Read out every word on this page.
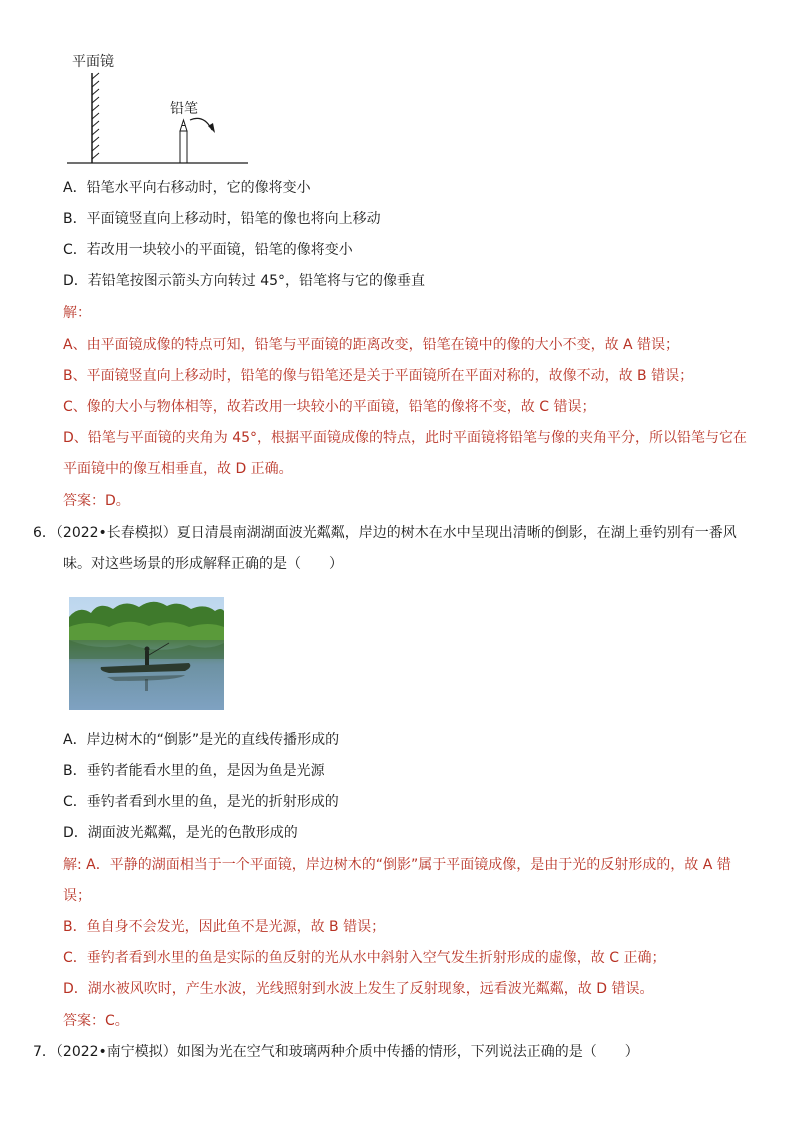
平面镜
铅笔
A．铅笔水平向右移动时，它的像将变小
B．平面镜竖直向上移动时，铅笔的像也将向上移动
C．若改用一块较小的平面镜，铅笔的像将变小
D．若铅笔按图示箭头方向转过 45°，铅笔将与它的像垂直
解：
A、由平面镜成像的特点可知，铅笔与平面镜的距离改变，铅笔在镜中的像的大小不变，故 A 错误；
B、平面镜竖直向上移动时，铅笔的像与铅笔还是关于平面镜所在平面对称的，故像不动，故 B 错误；
C、像的大小与物体相等，故若改用一块较小的平面镜，铅笔的像将不变，故 C 错误；
D、铅笔与平面镜的夹角为 45°，根据平面镜成像的特点，此时平面镜将铅笔与像的夹角平分，所以铅笔与它在
平面镜中的像互相垂直，故 D 正确。
答案：D。
6．（2022•长春模拟）夏日清晨南湖湖面波光粼粼，岸边的树木在水中呈现出清晰的倒影，在湖上垂钓别有一番风
味。对这些场景的形成解释正确的是（　　）
A．岸边树木的“倒影”是光的直线传播形成的
B．垂钓者能看水里的鱼，是因为鱼是光源
C．垂钓者看到水里的鱼，是光的折射形成的
D．湖面波光粼粼，是光的色散形成的
解: A．平静的湖面相当于一个平面镜，岸边树木的“倒影”属于平面镜成像，是由于光的反射形成的，故 A 错
误；
B．鱼自身不会发光，因此鱼不是光源，故 B 错误；
C．垂钓者看到水里的鱼是实际的鱼反射的光从水中斜射入空气发生折射形成的虚像，故 C 正确；
D．湖水被风吹时，产生水波，光线照射到水波上发生了反射现象，远看波光粼粼，故 D 错误。
答案：C。
7．（2022•南宁模拟）如图为光在空气和玻璃两种介质中传播的情形，下列说法正确的是（　　）
